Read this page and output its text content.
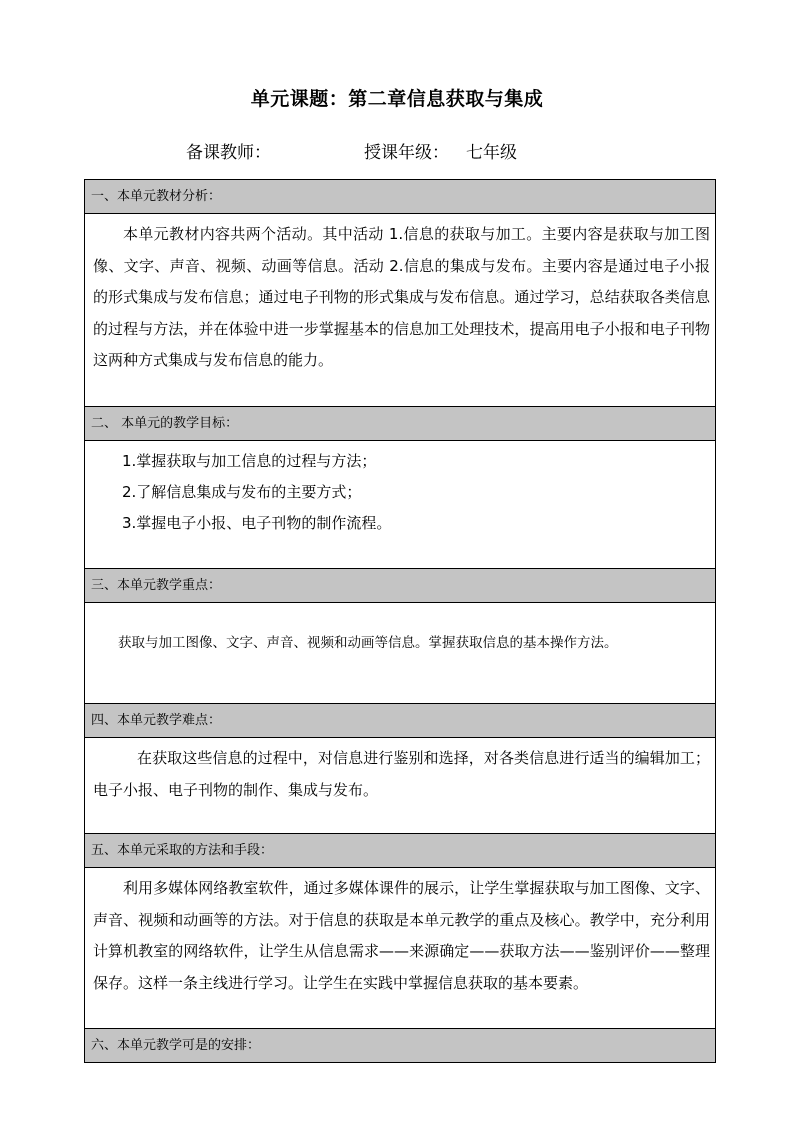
单元课题：第二章信息获取与集成
备课教师：	授课年级： 七年级
一、本单元教材分析：

本单元教材内容共两个活动。其中活动 1.信息的获取与加工。主要内容是获取与加工图像、文字、声音、视频、动画等信息。活动 2.信息的集成与发布。主要内容是通过电子小报的形式集成与发布信息；通过电子刊物的形式集成与发布信息。通过学习，总结获取各类信息的过程与方法，并在体验中进一步掌握基本的信息加工处理技术，提高用电子小报和电子刊物这两种方式集成与发布信息的能力。

二、 本单元的教学目标：

1.掌握获取与加工信息的过程与方法；

2.了解信息集成与发布的主要方式；

3.掌握电子小报、电子刊物的制作流程。

三、本单元教学重点：

获取与加工图像、文字、声音、视频和动画等信息。掌握获取信息的基本操作方法。

四、本单元教学难点：

在获取这些信息的过程中，对信息进行鉴别和选择，对各类信息进行适当的编辑加工；电子小报、电子刊物的制作、集成与发布。

五、本单元采取的方法和手段：

利用多媒体网络教室软件，通过多媒体课件的展示，让学生掌握获取与加工图像、文字、声音、视频和动画等的方法。对于信息的获取是本单元教学的重点及核心。教学中，充分利用计算机教室的网络软件，让学生从信息需求——来源确定——获取方法——鉴别评价——整理保存。这样一条主线进行学习。让学生在实践中掌握信息获取的基本要素。

六、本单元教学可是的安排：
